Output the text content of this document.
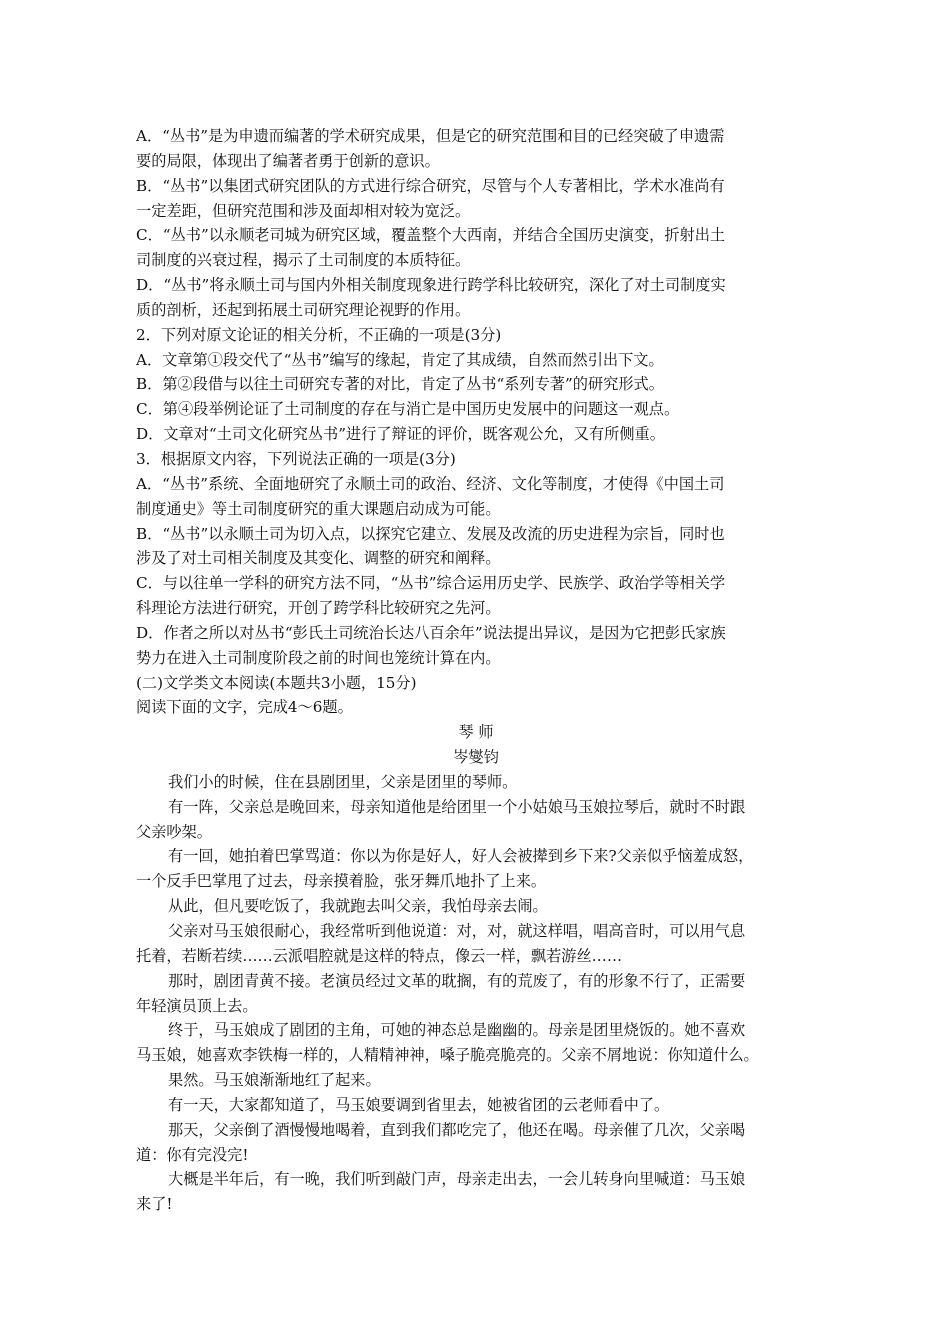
A．“丛书”是为申遗而编著的学术研究成果，但是它的研究范围和目的已经突破了申遗需
要的局限，体现出了编著者勇于创新的意识。
B．“丛书”以集团式研究团队的方式进行综合研究，尽管与个人专著相比，学术水准尚有
一定差距，但研究范围和涉及面却相对较为宽泛。
C．“丛书”以永顺老司城为研究区域，覆盖整个大西南，并结合全国历史演变，折射出土
司制度的兴衰过程，揭示了土司制度的本质特征。
D．“丛书”将永顺土司与国内外相关制度现象进行跨学科比较研究，深化了对土司制度实
质的剖析，还起到拓展土司研究理论视野的作用。
2．下列对原文论证的相关分析，不正确的一项是(3分)
A．文章第①段交代了“丛书”编写的缘起，肯定了其成绩，自然而然引出下文。
B．第②段借与以往土司研究专著的对比，肯定了丛书“系列专著”的研究形式。
C．第④段举例论证了土司制度的存在与消亡是中国历史发展中的问题这一观点。
D．文章对“土司文化研究丛书”进行了辩证的评价，既客观公允，又有所侧重。
3．根据原文内容，下列说法正确的一项是(3分)
A．“丛书”系统、全面地研究了永顺土司的政治、经济、文化等制度，才使得《中国土司
制度通史》等土司制度研究的重大课题启动成为可能。
B．“丛书”以永顺土司为切入点，以探究它建立、发展及改流的历史进程为宗旨，同时也
涉及了对土司相关制度及其变化、调整的研究和阐释。
C．与以往单一学科的研究方法不同，“丛书”综合运用历史学、民族学、政治学等相关学
科理论方法进行研究，开创了跨学科比较研究之先河。
D．作者之所以对丛书“彭氏土司统治长达八百余年”说法提出异议，是因为它把彭氏家族
势力在进入土司制度阶段之前的时间也笼统计算在内。
(二)文学类文本阅读(本题共3小题，15分)
阅读下面的文字，完成4～6题。
琴 师
岑燮钧
我们小的时候，住在县剧团里，父亲是团里的琴师。
有一阵，父亲总是晚回来，母亲知道他是给团里一个小姑娘马玉娘拉琴后，就时不时跟
父亲吵架。
有一回，她拍着巴掌骂道：你以为你是好人，好人会被撵到乡下来?父亲似乎恼羞成怒，
一个反手巴掌甩了过去，母亲摸着脸，张牙舞爪地扑了上来。
从此，但凡要吃饭了，我就跑去叫父亲，我怕母亲去闹。
父亲对马玉娘很耐心，我经常听到他说道：对，对，就这样唱，唱高音时，可以用气息
托着，若断若续……云派唱腔就是这样的特点，像云一样，飘若游丝……
那时，剧团青黄不接。老演员经过文革的耽搁，有的荒废了，有的形象不行了，正需要
年轻演员顶上去。
终于，马玉娘成了剧团的主角，可她的神态总是幽幽的。母亲是团里烧饭的。她不喜欢
马玉娘，她喜欢李铁梅一样的，人精精神神，嗓子脆亮脆亮的。父亲不屑地说：你知道什么。
果然。马玉娘渐渐地红了起来。
有一天，大家都知道了，马玉娘要调到省里去，她被省团的云老师看中了。
那天，父亲倒了酒慢慢地喝着，直到我们都吃完了，他还在喝。母亲催了几次，父亲喝
道：你有完没完!
大概是半年后，有一晚，我们听到敲门声，母亲走出去，一会儿转身向里喊道：马玉娘
来了!
